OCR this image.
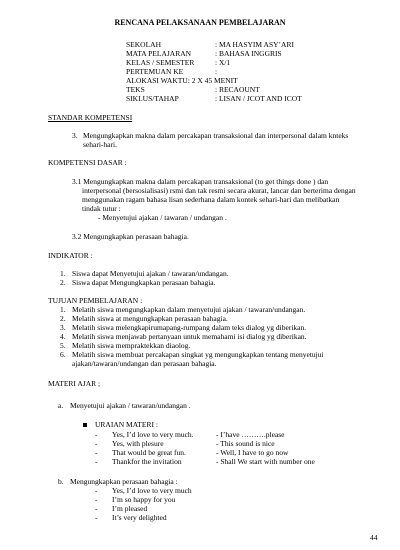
RENCANA PELAKSANAAN PEMBELAJARAN
SEKOLAH	: MA HASYIM ASY’ARI
MATA PELAJARAN	: BAHASA INGGRIS
KELAS / SEMESTER	: X/1
PERTEMUAN KE	:
ALOKASI WAKTU: 2 X 45 MENIT
TEKS	: RECAOUNT
SIKLUS/TAHAP	: LISAN / JCOT AND ICOT
STANDAR KOMPETENSI
3. Mengungkapkan makna dalam percakapan transaksional dan interpersonal dalam knteks
sehari-hari.
KOMPETENSI DASAR :
3.1 Mengungkapkan makna dalam percakapan transaksional (to get things done ) dan
interpersonal (bersosialisasi) rsmi dan tak resmi secara akurat, lancar dan berterima dengan
menggunakan ragam bahasa lisan sederhana dalam kontek sehari-hari dan melibatkan
tindak tutur :
- Menyetujui ajakan / tawaran / undangan .
3.2 Mengungkapkan perasaan bahagia.
INDIKATOR :
1. Siswa dapat Menyetujui ajakan / tawaran/undangan.
2. Siswa dapat Mengungkapkan perasaan bahagia.
TUJUAN PEMBELAJARAN :
1. Melatih siswa mengungkapkan dalam menyetujui ajakan / tawaran/undangan.
2. Melatih siswa at mengungkapkan perasaan bahagia.
3. Melatih siswa melengkapirumapang-rumpang dalam teks dialog yg diberikan.
4. Melatih siswa menjawab pertanyaan untuk memahami isi dialog yg diberikan.
5. Melatih siswa mempraktekkan diaolog.
6. Melatih siswa membuat percakapan singkat yg mengungkapkan tentang menyetujui
ajakan/tawaran/undangan dan perasaan bahagia.
MATERI AJAR ;
a. Menyetujui ajakan / tawaran/undangan .
URAIAN MATERI :
- Yes, I’d love to very much.	- I’have ……….please
- Yes, with plesure	- This sound is nice
- That would be great fun.	- Well, I have to go now
- Thankfor the invitation	- Shall We start with number one
b. Mengungkapkan perasaan bahagia :
- Yes, I’d love to very much
- I’m so happy for you
- I’m pleased
- It’s very delighted
44
